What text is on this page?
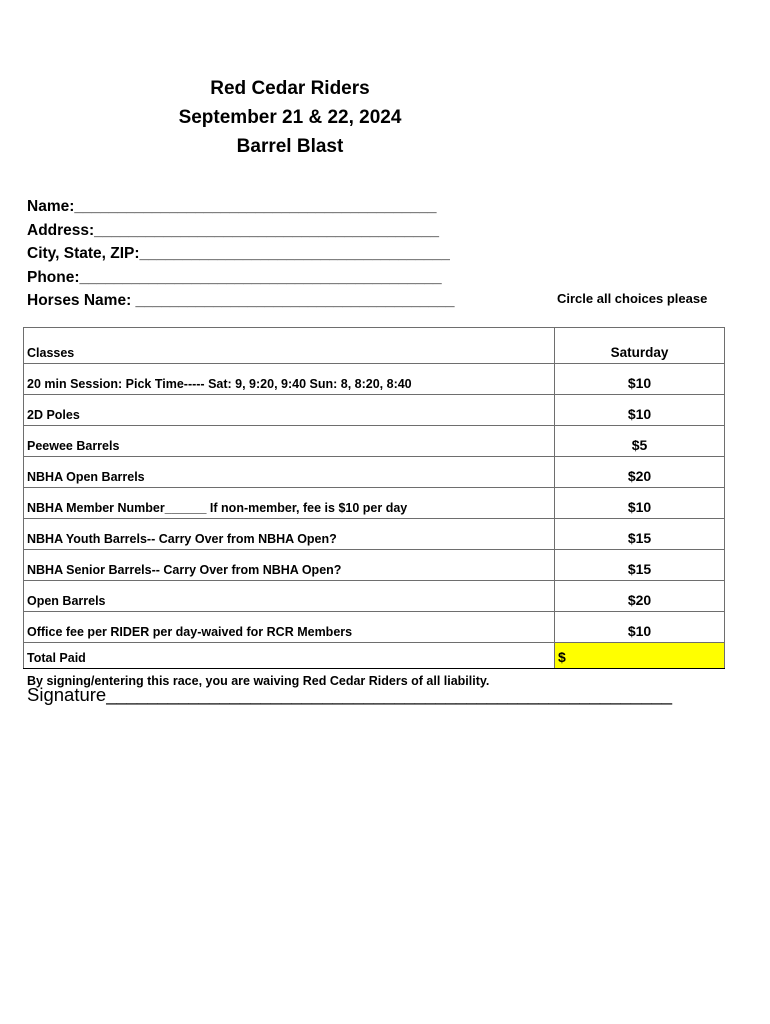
Red Cedar Riders
September 21 & 22, 2024
Barrel Blast
Name:__________________________________________
Address:________________________________________
City, State, ZIP:____________________________________
Phone:__________________________________________
Horses Name: _____________________________________	Circle all choices please
Classes	Saturday
20 min Session: Pick Time----- Sat: 9, 9:20, 9:40 Sun: 8, 8:20, 8:40	$10
2D Poles	$10
Peewee Barrels	$5
NBHA Open Barrels	$20
NBHA Member Number______ If non-member, fee is $10 per day	$10
NBHA Youth Barrels-- Carry Over from NBHA Open?	$15
NBHA Senior Barrels-- Carry Over from NBHA Open?	$15
Open Barrels	$20
Office fee per RIDER per day-waived for RCR Members	$10
Total Paid	$
By signing/entering this race, you are waiving Red Cedar Riders of all liability.
Signature_______________________________________________________
